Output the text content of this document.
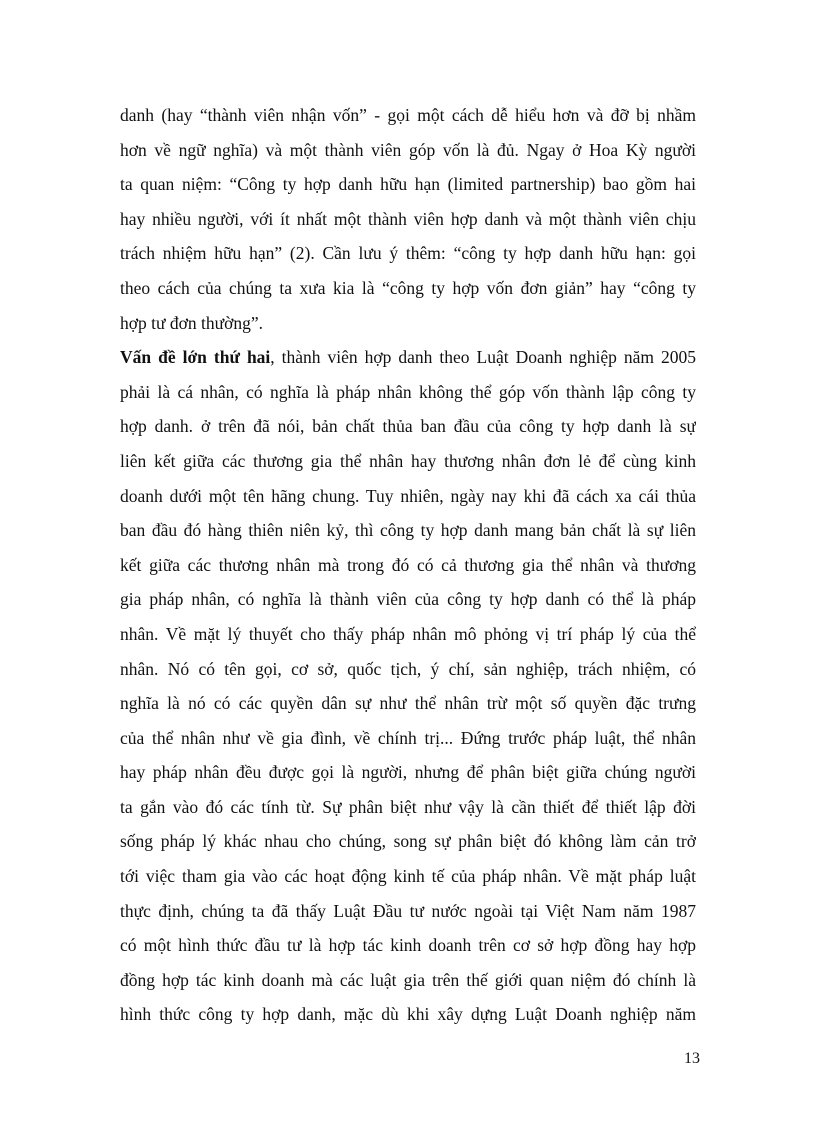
danh (hay “thành viên nhận vốn” - gọi một cách dễ hiểu hơn và đỡ bị nhầm
hơn về ngữ nghĩa) và một thành viên góp vốn là đủ. Ngay ở Hoa Kỳ người
ta quan niệm: “Công ty hợp danh hữu hạn (limited partnership) bao gồm hai
hay nhiều người, với ít nhất một thành viên hợp danh và một thành viên chịu
trách nhiệm hữu hạn” (2). Cần lưu ý thêm: “công ty hợp danh hữu hạn: gọi
theo cách của chúng ta xưa kia là “công ty hợp vốn đơn giản” hay “công ty
hợp tư đơn thường”.
Vấn đề lớn thứ hai, thành viên hợp danh theo Luật Doanh nghiệp năm 2005
phải là cá nhân, có nghĩa là pháp nhân không thể góp vốn thành lập công ty
hợp danh. ở trên đã nói, bản chất thủa ban đầu của công ty hợp danh là sự
liên kết giữa các thương gia thể nhân hay thương nhân đơn lẻ để cùng kinh
doanh dưới một tên hãng chung. Tuy nhiên, ngày nay khi đã cách xa cái thủa
ban đầu đó hàng thiên niên kỷ, thì công ty hợp danh mang bản chất là sự liên
kết giữa các thương nhân mà trong đó có cả thương gia thể nhân và thương
gia pháp nhân, có nghĩa là thành viên của công ty hợp danh có thể là pháp
nhân. Về mặt lý thuyết cho thấy pháp nhân mô phỏng vị trí pháp lý của thể
nhân. Nó có tên gọi, cơ sở, quốc tịch, ý chí, sản nghiệp, trách nhiệm, có
nghĩa là nó có các quyền dân sự như thể nhân trừ một số quyền đặc trưng
của thể nhân như về gia đình, về chính trị... Đứng trước pháp luật, thể nhân
hay pháp nhân đều được gọi là người, nhưng để phân biệt giữa chúng người
ta gắn vào đó các tính từ. Sự phân biệt như vậy là cần thiết để thiết lập đời
sống pháp lý khác nhau cho chúng, song sự phân biệt đó không làm cản trở
tới việc tham gia vào các hoạt động kinh tế của pháp nhân. Về mặt pháp luật
thực định, chúng ta đã thấy Luật Đầu tư nước ngoài tại Việt Nam năm 1987
có một hình thức đầu tư là hợp tác kinh doanh trên cơ sở hợp đồng hay hợp
đồng hợp tác kinh doanh mà các luật gia trên thế giới quan niệm đó chính là
hình thức công ty hợp danh, mặc dù khi xây dựng Luật Doanh nghiệp năm
13
